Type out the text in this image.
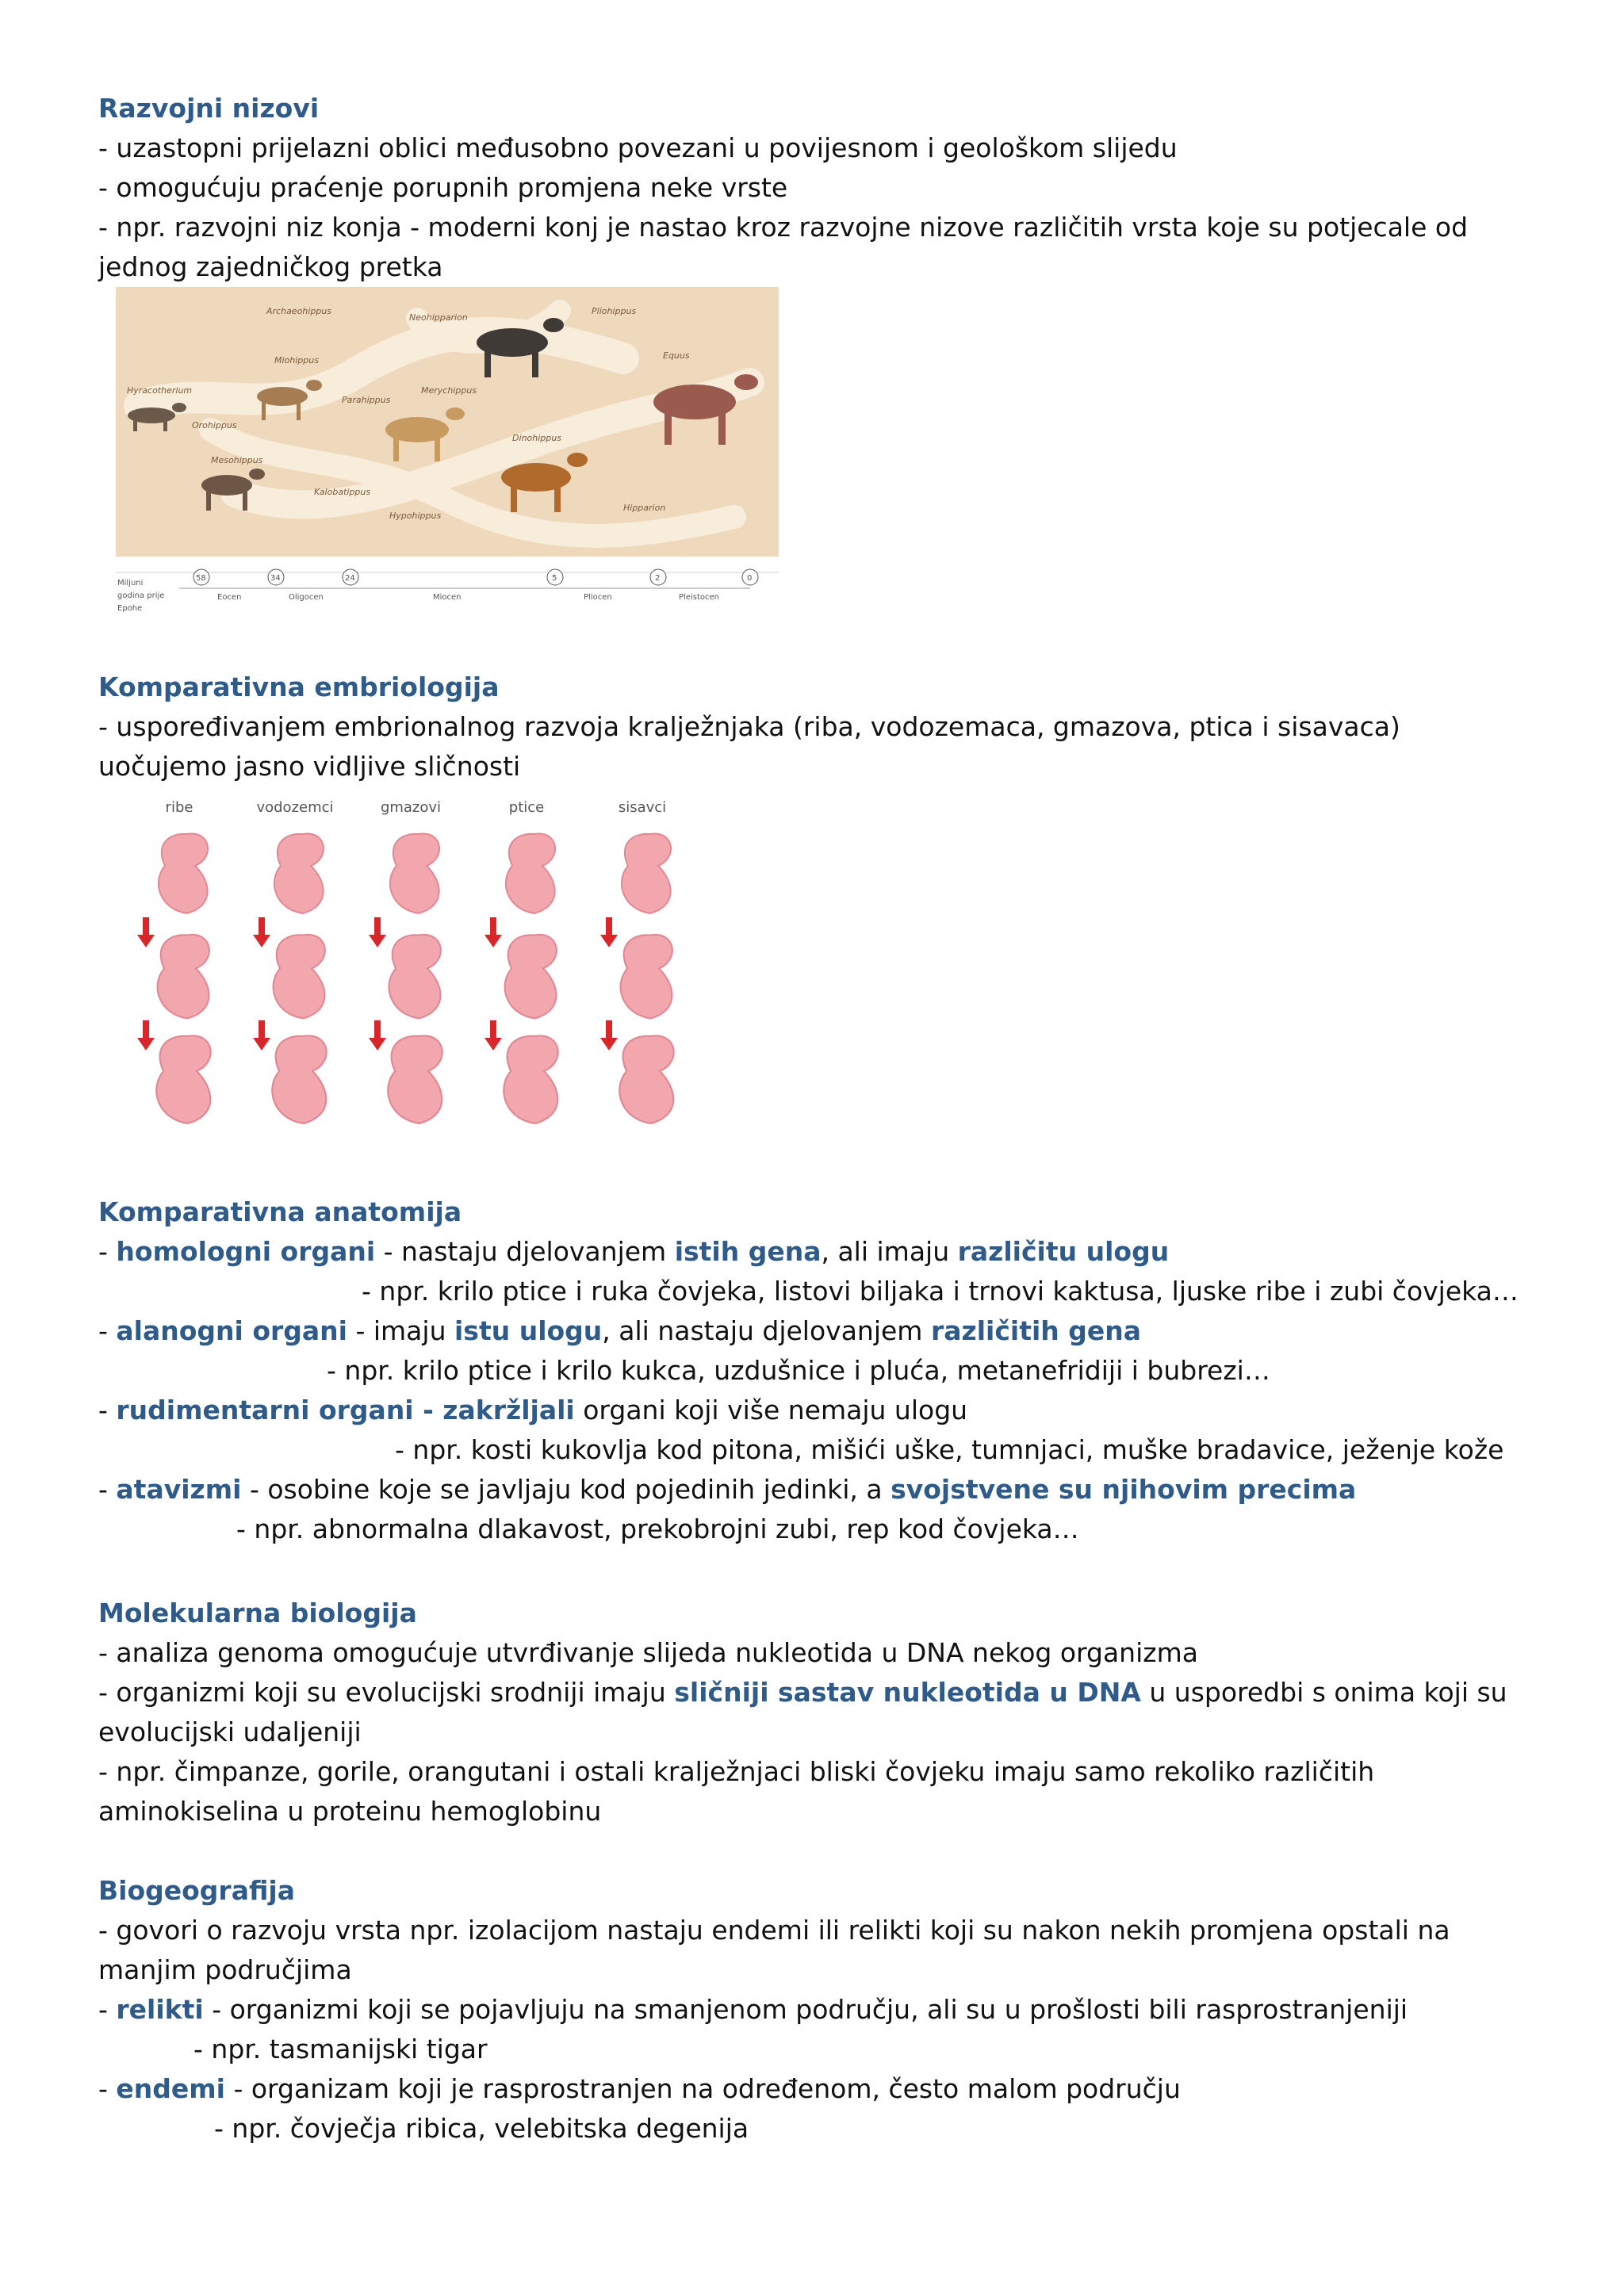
Razvojni nizovi

- uzastopni prijelazni oblici međusobno povezani u povijesnom i geološkom slijedu

- omogućuju praćenje porupnih promjena neke vrste

- npr. razvojni niz konja - moderni konj je nastao kroz razvojne nizove različitih vrsta koje su potjecale od

jednog zajedničkog pretka

Archaeohippus
Neohipparion
Pliohippus
Equus
Miohippus
Hyracotherium
Parahippus
Merychippus
Orohippus
Mesohippus
Dinohippus
Kalobatippus
Hypohippus
Hipparion
Miljuni
godina prije
Epohe
58	34	24	5	2	0
Eocen	Oligocen	Miocen	Pliocen	Pleistocen
Komparativna embriologija

- uspoređivanjem embrionalnog razvoja kralježnjaka (riba, vodozemaca, gmazova, ptica i sisavaca)

uočujemo jasno vidljive sličnosti

ribe	vodozemci	gmazovi	ptice	sisavci
Komparativna anatomija

- homologni organi - nastaju djelovanjem istih gena, ali imaju različitu ulogu

- npr. krilo ptice i ruka čovjeka, listovi biljaka i trnovi kaktusa, ljuske ribe i zubi čovjeka…

- alanogni organi - imaju istu ulogu, ali nastaju djelovanjem različitih gena

- npr. krilo ptice i krilo kukca, uzdušnice i pluća, metanefridiji i bubrezi…

- rudimentarni organi - zakržljali organi koji više nemaju ulogu

- npr. kosti kukovlja kod pitona, mišići uške, tumnjaci, muške bradavice, ježenje kože

- atavizmi - osobine koje se javljaju kod pojedinih jedinki, a svojstvene su njihovim precima

- npr. abnormalna dlakavost, prekobrojni zubi, rep kod čovjeka…

Molekularna biologija

- analiza genoma omogućuje utvrđivanje slijeda nukleotida u DNA nekog organizma

- organizmi koji su evolucijski srodniji imaju sličniji sastav nukleotida u DNA u usporedbi s onima koji su

evolucijski udaljeniji

- npr. čimpanze, gorile, orangutani i ostali kralježnjaci bliski čovjeku imaju samo rekoliko različitih

aminokiselina u proteinu hemoglobinu

Biogeografija

- govori o razvoju vrsta npr. izolacijom nastaju endemi ili relikti koji su nakon nekih promjena opstali na

manjim područjima

- relikti - organizmi koji se pojavljuju na smanjenom području, ali su u prošlosti bili rasprostranjeniji

- npr. tasmanijski tigar

- endemi - organizam koji je rasprostranjen na određenom, često malom području

- npr. čovječja ribica, velebitska degenija
